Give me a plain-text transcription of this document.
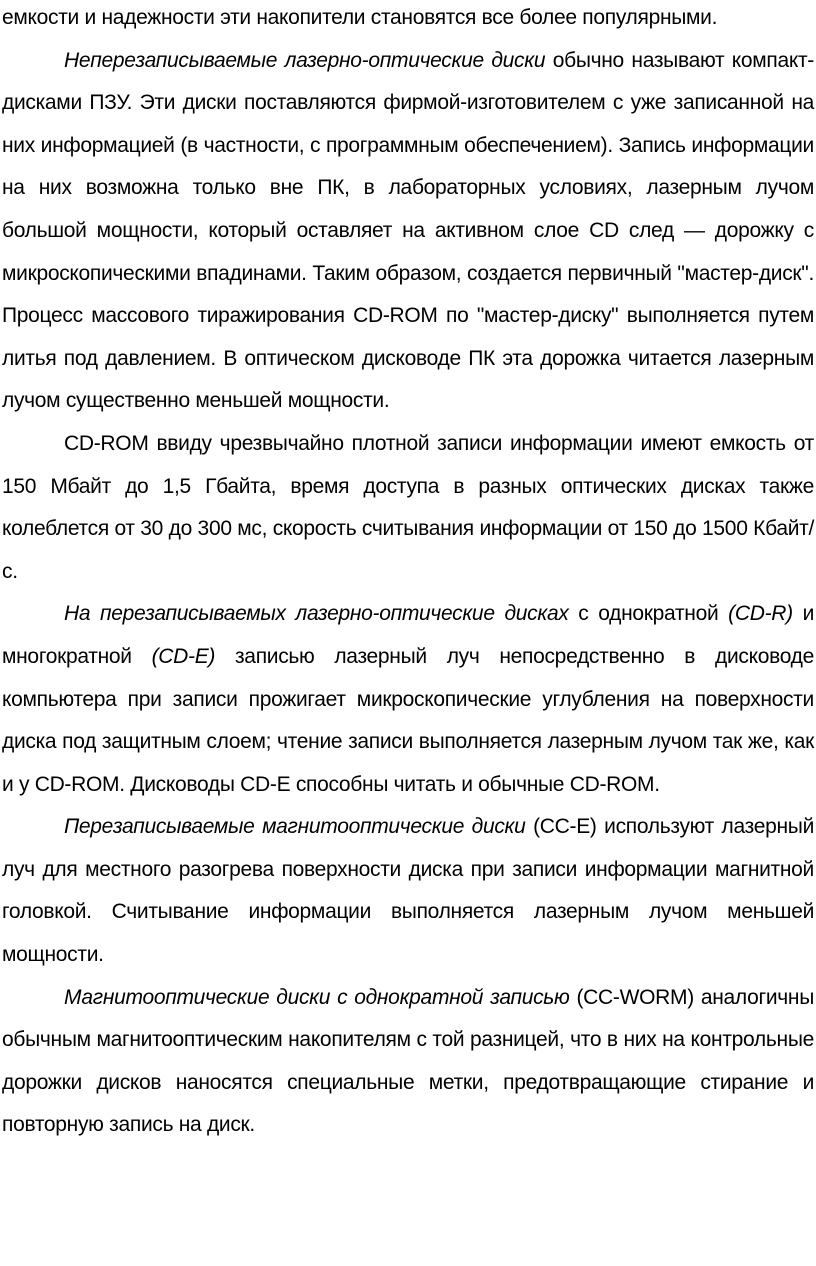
емкости и надежности эти накопители становятся все более популярными.

Неперезаписываемые лазерно-оптические диски обычно называют компакт-дисками ПЗУ. Эти диски поставляются фирмой-изготовителем с уже записанной на них информацией (в частности, с программным обеспечением). Запись информации на них возможна только вне ПК, в лабораторных условиях, лазерным лучом большой мощности, который оставляет на активном слое CD след — дорожку с микроскопическими впадинами. Таким образом, создается первичный "мастер-диск". Процесс массового тиражирования CD-ROM по "мастер-диску" выполняется путем литья под давлением. В оптическом дисководе ПК эта дорожка читается лазерным лучом существенно меньшей мощности.

CD-ROM ввиду чрезвычайно плотной записи информации имеют емкость от 150 Мбайт до 1,5 Гбайта, время доступа в разных оптических дисках также колеблется от 30 до 300 мс, скорость считывания информации от 150 до 1500 Кбайт/с.

На перезаписываемых лазерно-оптические дисках с однократной (CD-R) и многократной (CD-E) записью лазерный луч непосредственно в дисководе компьютера при записи прожигает микроскопические углубления на поверхности диска под защитным слоем; чтение записи выполняется лазерным лучом так же, как и у CD-ROM. Дисководы CD-E способны читать и обычные CD-ROM.

Перезаписываемые магнитооптические диски (CC-E) используют лазерный луч для местного разогрева поверхности диска при записи информации магнитной головкой. Считывание информации выполняется лазерным лучом меньшей мощности.

Магнитооптические диски с однократной записью (CC-WORM) аналогичны обычным магнитооптическим накопителям с той разницей, что в них на контрольные дорожки дисков наносятся специальные метки, предотвращающие стирание и повторную запись на диск.
